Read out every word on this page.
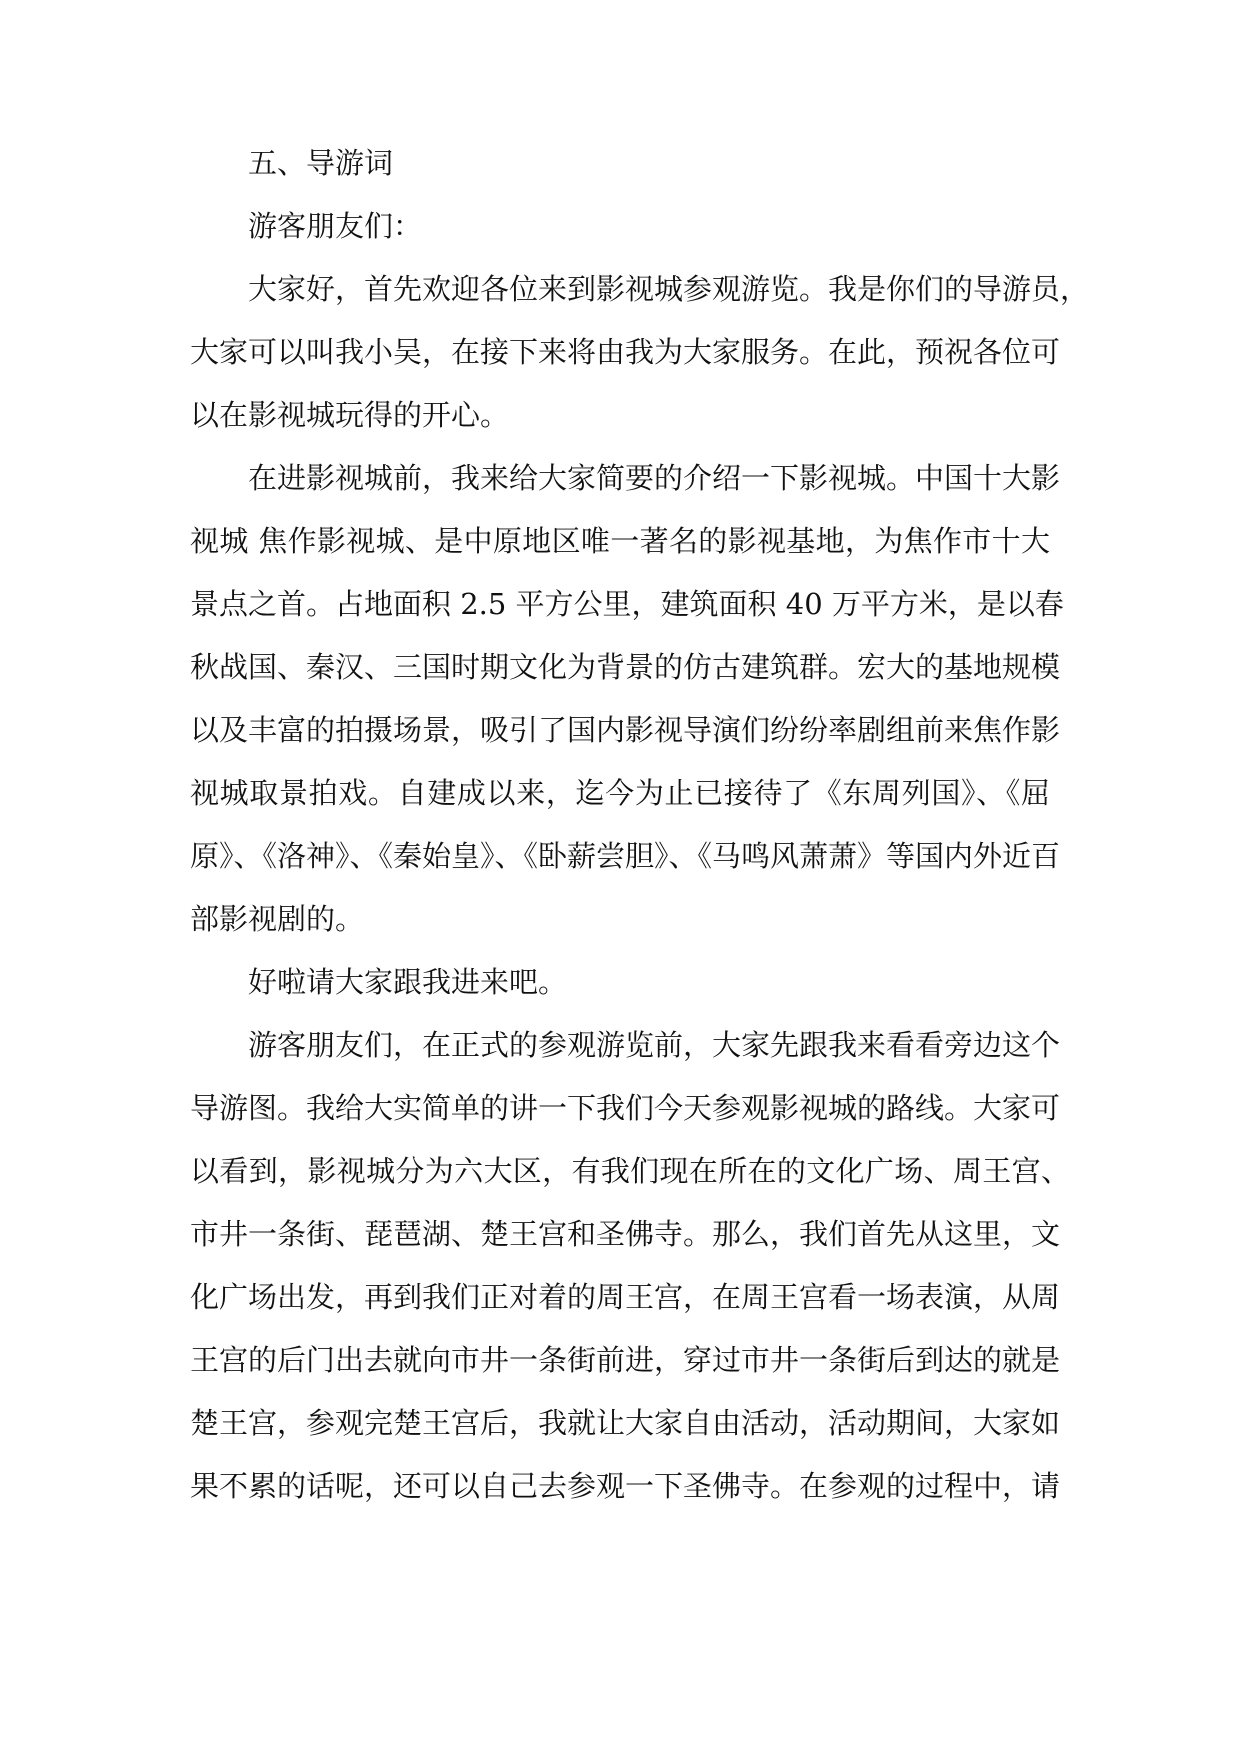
五、导游词
游客朋友们：
大家好，首先欢迎各位来到影视城参观游览。我是你们的导游员，
大家可以叫我小吴，在接下来将由我为大家服务。在此，预祝各位可
以在影视城玩得的开心。
在进影视城前，我来给大家简要的介绍一下影视城。中国十大影
视城 焦作影视城、是中原地区唯一著名的影视基地，为焦作市十大
景点之首。占地面积 2.5 平方公里，建筑面积 40 万平方米，是以春
秋战国、秦汉、三国时期文化为背景的仿古建筑群。宏大的基地规模
以及丰富的拍摄场景，吸引了国内影视导演们纷纷率剧组前来焦作影
视城取景拍戏。自建成以来，迄今为止已接待了《东周列国》、《屈
原》、《洛神》、《秦始皇》、《卧薪尝胆》、《马鸣风萧萧》等国内外近百
部影视剧的。
好啦请大家跟我进来吧。
游客朋友们，在正式的参观游览前，大家先跟我来看看旁边这个
导游图。我给大实简单的讲一下我们今天参观影视城的路线。大家可
以看到，影视城分为六大区，有我们现在所在的文化广场、周王宫、
市井一条街、琵琶湖、楚王宫和圣佛寺。那么，我们首先从这里，文
化广场出发，再到我们正对着的周王宫，在周王宫看一场表演，从周
王宫的后门出去就向市井一条街前进，穿过市井一条街后到达的就是
楚王宫，参观完楚王宫后，我就让大家自由活动，活动期间，大家如
果不累的话呢，还可以自己去参观一下圣佛寺。在参观的过程中，请
